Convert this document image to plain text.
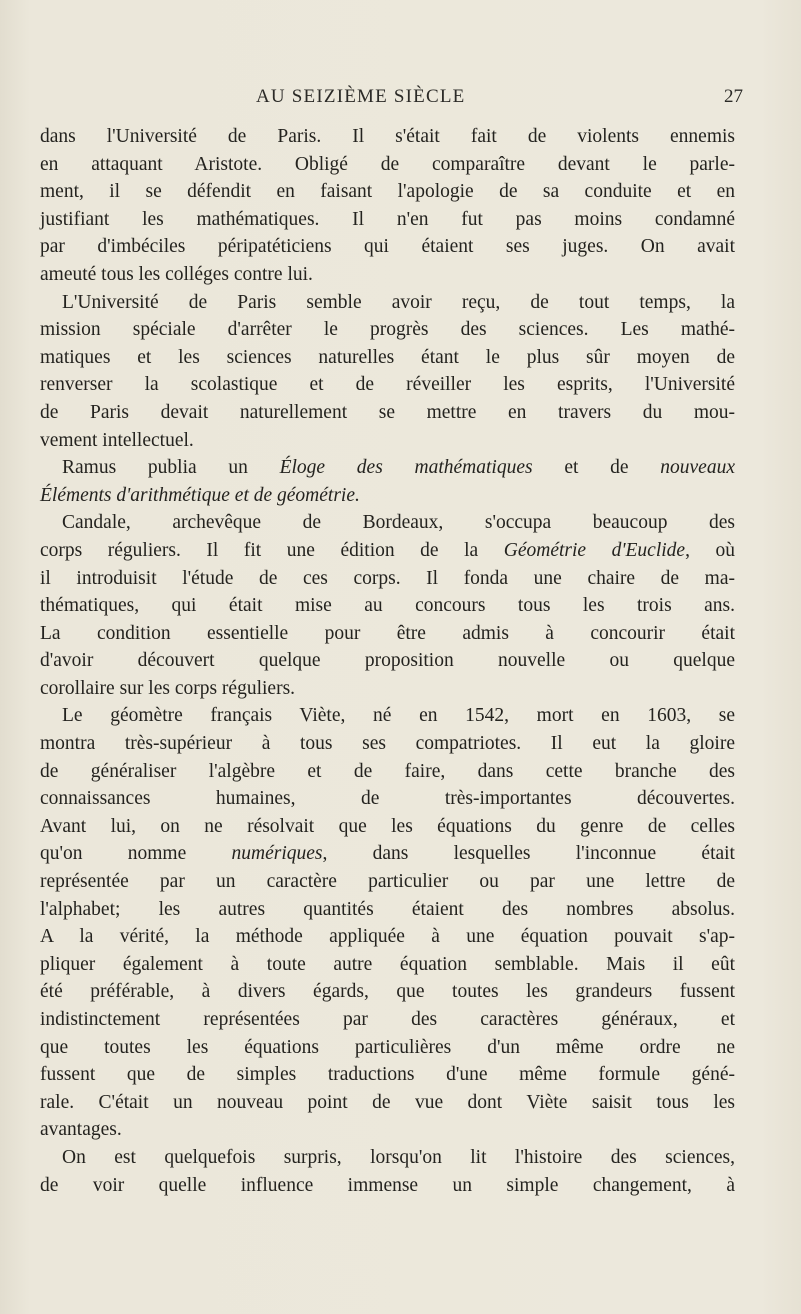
AU SEIZIÈME SIÈCLE	27
dans l'Université de Paris. Il s'était fait de violents ennemis
en attaquant Aristote. Obligé de comparaître devant le parle-
ment, il se défendit en faisant l'apologie de sa conduite et en
justifiant les mathématiques. Il n'en fut pas moins condamné
par d'imbéciles péripatéticiens qui étaient ses juges. On avait
ameuté tous les colléges contre lui.
L'Université de Paris semble avoir reçu, de tout temps, la
mission spéciale d'arrêter le progrès des sciences. Les mathé-
matiques et les sciences naturelles étant le plus sûr moyen de
renverser la scolastique et de réveiller les esprits, l'Université
de Paris devait naturellement se mettre en travers du mou-
vement intellectuel.
Ramus publia un Éloge des mathématiques et de nouveaux
Éléments d'arithmétique et de géométrie.
Candale, archevêque de Bordeaux, s'occupa beaucoup des
corps réguliers. Il fit une édition de la Géométrie d'Euclide, où
il introduisit l'étude de ces corps. Il fonda une chaire de ma-
thématiques, qui était mise au concours tous les trois ans.
La condition essentielle pour être admis à concourir était
d'avoir découvert quelque proposition nouvelle ou quelque
corollaire sur les corps réguliers.
Le géomètre français Viète, né en 1542, mort en 1603, se
montra très-supérieur à tous ses compatriotes. Il eut la gloire
de généraliser l'algèbre et de faire, dans cette branche des
connaissances humaines, de très-importantes découvertes.
Avant lui, on ne résolvait que les équations du genre de celles
qu'on nomme numériques, dans lesquelles l'inconnue était
représentée par un caractère particulier ou par une lettre de
l'alphabet; les autres quantités étaient des nombres absolus.
A la vérité, la méthode appliquée à une équation pouvait s'ap-
pliquer également à toute autre équation semblable. Mais il eût
été préférable, à divers égards, que toutes les grandeurs fussent
indistinctement représentées par des caractères généraux, et
que toutes les équations particulières d'un même ordre ne
fussent que de simples traductions d'une même formule géné-
rale. C'était un nouveau point de vue dont Viète saisit tous les
avantages.
On est quelquefois surpris, lorsqu'on lit l'histoire des sciences,
de voir quelle influence immense un simple changement, à
